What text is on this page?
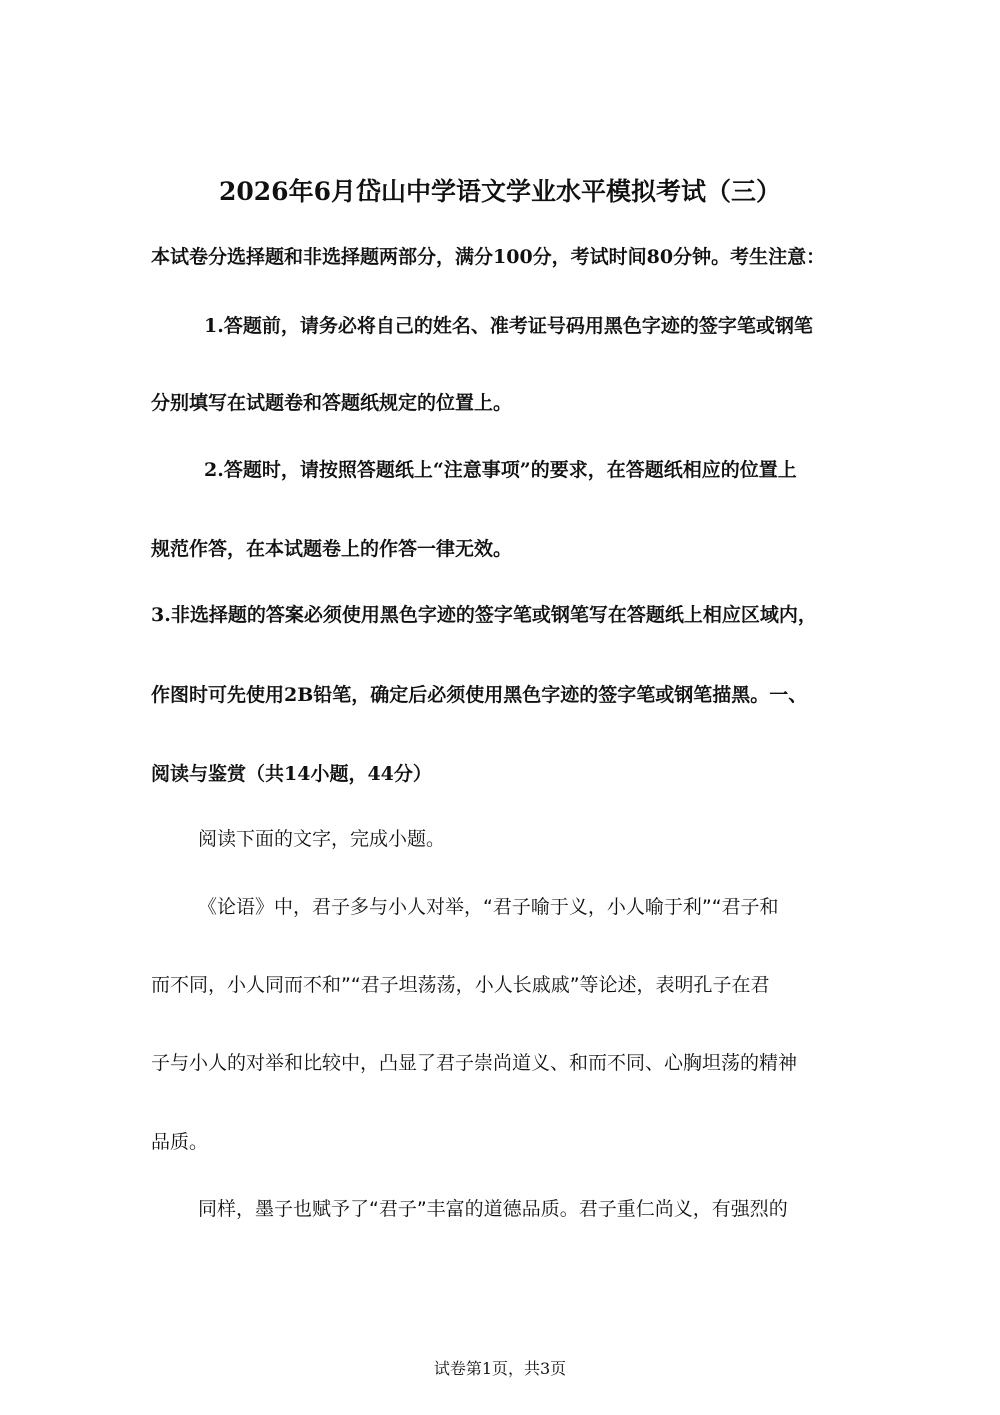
2026年6月岱山中学语文学业水平模拟考试（三）
本试卷分选择题和非选择题两部分，满分100分，考试时间80分钟。考生注意：
1.答题前，请务必将自己的姓名、准考证号码用黑色字迹的签字笔或钢笔
分别填写在试题卷和答题纸规定的位置上。
2.答题时，请按照答题纸上“注意事项”的要求，在答题纸相应的位置上
规范作答，在本试题卷上的作答一律无效。
3.非选择题的答案必须使用黑色字迹的签字笔或钢笔写在答题纸上相应区域内，
作图时可先使用2B铅笔，确定后必须使用黑色字迹的签字笔或钢笔描黑。一、
阅读与鉴赏（共14小题，44分）
阅读下面的文字，完成小题。
《论语》中，君子多与小人对举，“君子喻于义，小人喻于利”“君子和
而不同，小人同而不和”“君子坦荡荡，小人长戚戚”等论述，表明孔子在君
子与小人的对举和比较中，凸显了君子崇尚道义、和而不同、心胸坦荡的精神
品质。
同样，墨子也赋予了“君子”丰富的道德品质。君子重仁尚义，有强烈的
试卷第1页，共3页
